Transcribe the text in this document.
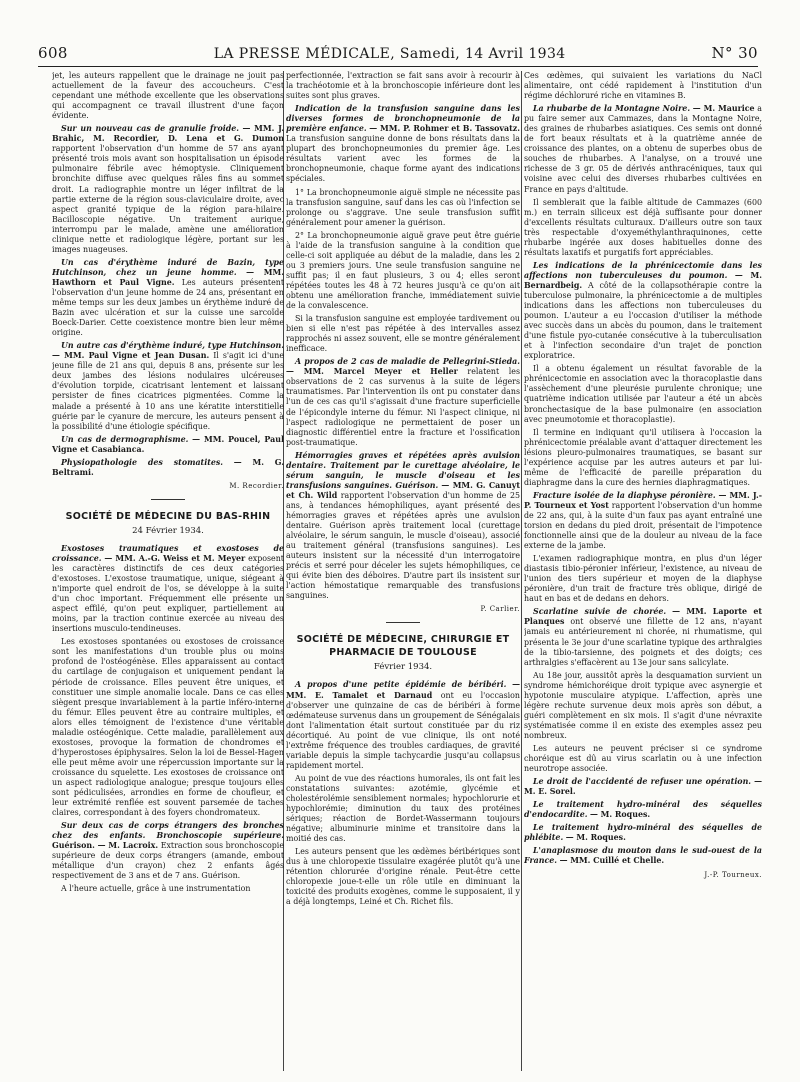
608	LA PRESSE MÉDICALE, Samedi, 14 Avril 1934	N° 30

jet, les auteurs rappellent que le drainage ne jouit pas actuellement de la faveur des accoucheurs. C'est cependant une méthode excellente que les observations qui accompagnent ce travail illustrent d'une façon évidente.

Sur un nouveau cas de granulie froide. — MM. J. Brahic, M. Recordier, D. Lena et G. Dumon rapportent l'observation d'un homme de 57 ans ayant présenté trois mois avant son hospitalisation un épisode pulmonaire fébrile avec hémoptysie. Cliniquement bronchite diffuse avec quelques râles fins au sommet droit. La radiographie montre un léger infiltrat de la partie externe de la région sous-claviculaire droite, avec aspect granité typique de la région para-hilaire. Bacilloscopie négative. Un traitement aurique, interrompu par le malade, amène une amélioration clinique nette et radiologique légère, portant sur les images nuageuses.

Un cas d'érythème induré de Bazin, type Hutchinson, chez un jeune homme. — MM. Hawthorn et Paul Vigne. Les auteurs présentent l'observation d'un jeune homme de 24 ans, présentant en même temps sur les deux jambes un érythème induré de Bazin avec ulcération et sur la cuisse une sarcoïde Boeck-Darier. Cette coexistence montre bien leur même origine.

Un autre cas d'érythème induré, type Hutchinson. — MM. Paul Vigne et Jean Dusan. Il s'agit ici d'une jeune fille de 21 ans qui, depuis 8 ans, présente sur les deux jambes des lésions nodulaires ulcéreuses d'évolution torpide, cicatrisant lentement et laissant persister de fines cicatrices pigmentées. Comme la malade a présenté à 10 ans une kératite interstitielle guérie par le cyanure de mercure, les auteurs pensent à la possibilité d'une étiologie spécifique.

Un cas de dermographisme. — MM. Poucel, Paul Vigne et Casabianca.

Physiopathologie des stomatites. — M. G. Beltrami.

M. Recordier.
SOCIÉTÉ DE MÉDECINE DU BAS-RHIN
24 Février 1934.

Exostoses traumatiques et exostoses de croissance. — MM. A.-G. Weiss et M. Meyer exposent les caractères distinctifs de ces deux catégories d'exostoses. L'exostose traumatique, unique, siégeant à n'importe quel endroit de l'os, se développe à la suite d'un choc important. Fréquemment elle présente un aspect effilé, qu'on peut expliquer, partiellement au moins, par la traction continue exercée au niveau des insertions musculo-tendineuses.

Les exostoses spontanées ou exostoses de croissance sont les manifestations d'un trouble plus ou moins profond de l'ostéogénèse. Elles apparaissent au contact du cartilage de conjugaison et uniquement pendant la période de croissance. Elles peuvent être uniques, et constituer une simple anomalie locale. Dans ce cas elles siègent presque invariablement à la partie inféro-interne du fémur. Elles peuvent être au contraire multiples, et alors elles témoignent de l'existence d'une véritable maladie ostéogénique. Cette maladie, parallèlement aux exostoses, provoque la formation de chondromes et d'hyperostoses épiphysaires. Selon la loi de Bessel-Hagen elle peut même avoir une répercussion importante sur la croissance du squelette. Les exostoses de croissance ont un aspect radiologique analogue; presque toujours elles sont pédiculisées, arrondies en forme de choufleur, et leur extrémité renflée est souvent parsemée de taches claires, correspondant à des foyers chondromateux.

Sur deux cas de corps étrangers des bronches chez des enfants. Bronchoscopie supérieure. Guérison. — M. Lacroix. Extraction sous bronchoscopie supérieure de deux corps étrangers (amande, embout métallique d'un crayon) chez 2 enfants âgés respectivement de 3 ans et de 7 ans. Guérison.

A l'heure actuelle, grâce à une instrumentation

perfectionnée, l'extraction se fait sans avoir à recourir à la trachéotomie et à la bronchoscopie inférieure dont les suites sont plus graves.

Indication de la transfusion sanguine dans les diverses formes de bronchopneumonie de la première enfance. — MM. P. Rohmer et B. Tassovatz. La transfusion sanguine donne de bons résultats dans la plupart des bronchopneumonies du premier âge. Les résultats varient avec les formes de la bronchopneumonie, chaque forme ayant des indications spéciales.

1° La bronchopneumonie aiguë simple ne nécessite pas la transfusion sanguine, sauf dans les cas où l'infection se prolonge ou s'aggrave. Une seule transfusion suffit généralement pour amener la guérison.

2° La bronchopneumonie aiguë grave peut être guérie à l'aide de la transfusion sanguine à la condition que celle-ci soit appliquée au début de la maladie, dans les 2 ou 3 premiers jours. Une seule transfusion sanguine ne suffit pas; il en faut plusieurs, 3 ou 4; elles seront répétées toutes les 48 à 72 heures jusqu'à ce qu'on ait obtenu une amélioration franche, immédiatement suivie de la convalescence.

Si la transfusion sanguine est employée tardivement ou bien si elle n'est pas répétée à des intervalles assez rapprochés ni assez souvent, elle se montre généralement inefficace.

A propos de 2 cas de maladie de Pellegrini-Stieda. — MM. Marcel Meyer et Heller relatent les observations de 2 cas survenus à la suite de légers traumatismes. Par l'intervention ils ont pu constater dans l'un de ces cas qu'il s'agissait d'une fracture superficielle de l'épicondyle interne du fémur. Ni l'aspect clinique, ni l'aspect radiologique ne permettaient de poser un diagnostic différentiel entre la fracture et l'ossification post-traumatique.

Hémorragies graves et répétées après avulsion dentaire. Traitement par le curettage alvéolaire, le sérum sanguin, le muscle d'oiseau et les transfusions sanguines. Guérison. — MM. G. Canuyt et Ch. Wild rapportent l'observation d'un homme de 25 ans, à tendances hémophiliques, ayant présenté des hémorragies graves et répétées après une avulsion dentaire. Guérison après traitement local (curettage alvéolaire, le sérum sanguin, le muscle d'oiseau), associé au traitement général (transfusions sanguines). Les auteurs insistent sur la nécessité d'un interrogatoire précis et serré pour déceler les sujets hémophiliques, ce qui évite bien des déboires. D'autre part ils insistent sur l'action hémostatique remarquable des transfusions sanguines.

P. Carlier.
SOCIÉTÉ DE MÉDECINE, CHIRURGIE ET PHARMACIE DE TOULOUSE
Février 1934.

A propos d'une petite épidémie de béribéri. — MM. E. Tamalet et Darnaud ont eu l'occasion d'observer une quinzaine de cas de béribéri à forme œdémateuse survenus dans un groupement de Sénégalais dont l'alimentation était surtout constituée par du riz décortiqué. Au point de vue clinique, ils ont noté l'extrême fréquence des troubles cardiaques, de gravité variable depuis la simple tachycardie jusqu'au collapsus rapidement mortel.

Au point de vue des réactions humorales, ils ont fait les constatations suivantes: azotémie, glycémie et cholestérolémie sensiblement normales; hypochlorurie et hypochlorémie; diminution du taux des protéines sériques; réaction de Bordet-Wassermann toujours négative; albuminurie minime et transitoire dans la moitié des cas.

Les auteurs pensent que les œdèmes béribériques sont dus à une chloropexie tissulaire exagérée plutôt qu'à une rétention chlorurée d'origine rénale. Peut-être cette chloropexie joue-t-elle un rôle utile en diminuant la toxicité des produits exogènes, comme le supposaient, il y a déjà longtemps, Leiné et Ch. Richet fils.

Ces œdèmes, qui suivaient les variations du NaCl alimentaire, ont cédé rapidement à l'institution d'un régime déchloruré riche en vitamines B.

La rhubarbe de la Montagne Noire. — M. Maurice a pu faire semer aux Cammazes, dans la Montagne Noire, des graines de rhubarbes asiatiques. Ces semis ont donné de fort beaux résultats et à la quatrième année de croissance des plantes, on a obtenu de superbes obus de souches de rhubarbes. A l'analyse, on a trouvé une richesse de 3 gr. 05 de dérivés anthracéniques, taux qui voisine avec celui des diverses rhubarbes cultivées en France en pays d'altitude.

Il semblerait que la faible altitude de Cammazes (600 m.) en terrain siliceux est déjà suffisante pour donner d'excellents résultats culturaux. D'ailleurs outre son taux très respectable d'oxyeméthylanthraquinones, cette rhubarbe ingérée aux doses habituelles donne des résultats laxatifs et purgatifs fort appréciables.

Les indications de la phrénicectomie dans les affections non tuberculeuses du poumon. — M. Bernardbeig. A côté de la collapsothérapie contre la tuberculose pulmonaire, la phrénicectomie a de multiples indications dans les affections non tuberculeuses du poumon. L'auteur a eu l'occasion d'utiliser la méthode avec succès dans un abcès du poumon, dans le traitement d'une fistule pyo-cutanée consécutive à la tuberculisation et à l'infection secondaire d'un trajet de ponction exploratrice.

Il a obtenu également un résultat favorable de la phrénicectomie en association avec la thoracoplastie dans l'assèchement d'une pleurésie purulente chronique; une quatrième indication utilisée par l'auteur a été un abcès bronchectasique de la base pulmonaire (en association avec pneumotomie et thoracoplastie).

Il termine en indiquant qu'il utilisera à l'occasion la phrénicectomie préalable avant d'attaquer directement les lésions pleuro-pulmonaires traumatiques, se basant sur l'expérience acquise par les autres auteurs et par lui-même de l'efficacité de pareille préparation du diaphragme dans la cure des hernies diaphragmatiques.

Fracture isolée de la diaphyse péronière. — MM. J.-P. Tourneux et Yost rapportent l'observation d'un homme de 22 ans, qui, à la suite d'un faux pas ayant entraîné une torsion en dedans du pied droit, présentait de l'impotence fonctionnelle ainsi que de la douleur au niveau de la face externe de la jambe.

L'examen radiographique montra, en plus d'un léger diastasis tibio-péronier inférieur, l'existence, au niveau de l'union des tiers supérieur et moyen de la diaphyse péronière, d'un trait de fracture très oblique, dirigé de haut en bas et de dedans en dehors.

Scarlatine suivie de chorée. — MM. Laporte et Planques ont observé une fillette de 12 ans, n'ayant jamais eu antérieurement ni chorée, ni rhumatisme, qui présenta le 3e jour d'une scarlatine typique des arthralgies de la tibio-tarsienne, des poignets et des doigts; ces arthralgies s'effacèrent au 13e jour sans salicylate.

Au 18e jour, aussitôt après la desquamation survient un syndrome hémichoréique droit typique avec asynergie et hypotonie musculaire atypique. L'affection, après une légère rechute survenue deux mois après son début, a guéri complètement en six mois. Il s'agit d'une névraxite systématisée comme il en existe des exemples assez peu nombreux.

Les auteurs ne peuvent préciser si ce syndrome choréique est dû au virus scarlatin ou à une infection neurotrope associée.

Le droit de l'accidenté de refuser une opération. — M. E. Sorel.

Le traitement hydro-minéral des séquelles d'endocardite. — M. Roques.

Le traitement hydro-minéral des séquelles de phlébite. — M. Roques.

L'anaplasmose du mouton dans le sud-ouest de la France. — MM. Cuillé et Chelle.

J.-P. Tourneux.
